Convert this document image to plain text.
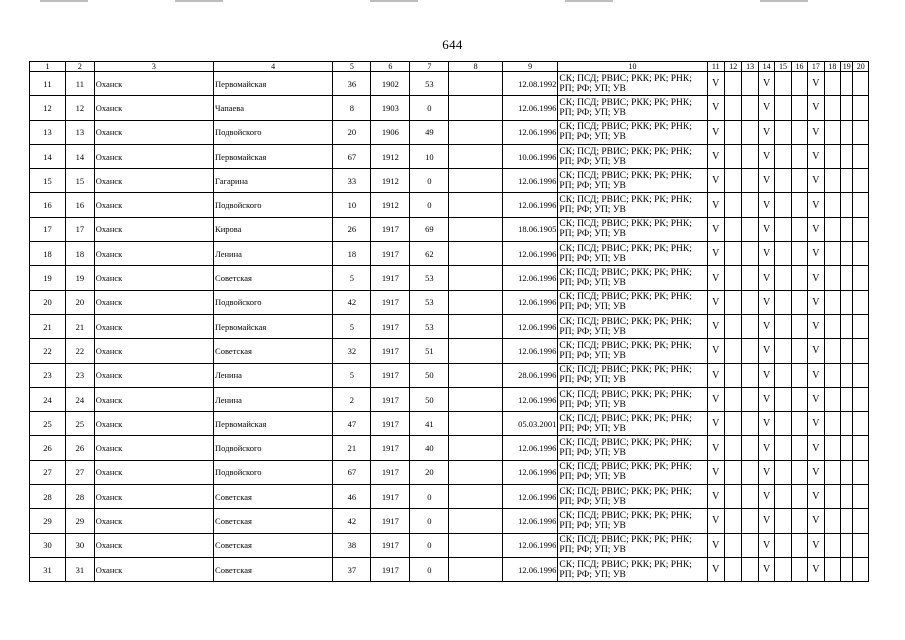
644
1	2	3	4	5	6	7	8	9	10	11	12	13	14	15	16	17	18	19	20
11	11	Оханск	Первомайская	36	1902	53		12.08.1992	СК; ПСД; РВИС; РКК; РК; РНК; РП; РФ; УП; УВ	V			V			V			
12	12	Оханск	Чапаева	8	1903	0		12.06.1996	СК; ПСД; РВИС; РКК; РК; РНК; РП; РФ; УП; УВ	V			V			V			
13	13	Оханск	Подвойского	20	1906	49		12.06.1996	СК; ПСД; РВИС; РКК; РК; РНК; РП; РФ; УП; УВ	V			V			V			
14	14	Оханск	Первомайская	67	1912	10		10.06.1996	СК; ПСД; РВИС; РКК; РК; РНК; РП; РФ; УП; УВ	V			V			V			
15	15	Оханск	Гагарина	33	1912	0		12.06.1996	СК; ПСД; РВИС; РКК; РК; РНК; РП; РФ; УП; УВ	V			V			V			
16	16	Оханск	Подвойского	10	1912	0		12.06.1996	СК; ПСД; РВИС; РКК; РК; РНК; РП; РФ; УП; УВ	V			V			V			
17	17	Оханск	Кирова	26	1917	69		18.06.1905	СК; ПСД; РВИС; РКК; РК; РНК; РП; РФ; УП; УВ	V			V			V			
18	18	Оханск	Ленина	18	1917	62		12.06.1996	СК; ПСД; РВИС; РКК; РК; РНК; РП; РФ; УП; УВ	V			V			V			
19	19	Оханск	Советская	5	1917	53		12.06.1996	СК; ПСД; РВИС; РКК; РК; РНК; РП; РФ; УП; УВ	V			V			V			
20	20	Оханск	Подвойского	42	1917	53		12.06.1996	СК; ПСД; РВИС; РКК; РК; РНК; РП; РФ; УП; УВ	V			V			V			
21	21	Оханск	Первомайская	5	1917	53		12.06.1996	СК; ПСД; РВИС; РКК; РК; РНК; РП; РФ; УП; УВ	V			V			V			
22	22	Оханск	Советская	32	1917	51		12.06.1996	СК; ПСД; РВИС; РКК; РК; РНК; РП; РФ; УП; УВ	V			V			V			
23	23	Оханск	Ленина	5	1917	50		28.06.1996	СК; ПСД; РВИС; РКК; РК; РНК; РП; РФ; УП; УВ	V			V			V			
24	24	Оханск	Ленина	2	1917	50		12.06.1996	СК; ПСД; РВИС; РКК; РК; РНК; РП; РФ; УП; УВ	V			V			V			
25	25	Оханск	Первомайская	47	1917	41		05.03.2001	СК; ПСД; РВИС; РКК; РК; РНК; РП; РФ; УП; УВ	V			V			V			
26	26	Оханск	Подвойского	21	1917	40		12.06.1996	СК; ПСД; РВИС; РКК; РК; РНК; РП; РФ; УП; УВ	V			V			V			
27	27	Оханск	Подвойского	67	1917	20		12.06.1996	СК; ПСД; РВИС; РКК; РК; РНК; РП; РФ; УП; УВ	V			V			V			
28	28	Оханск	Советская	46	1917	0		12.06.1996	СК; ПСД; РВИС; РКК; РК; РНК; РП; РФ; УП; УВ	V			V			V			
29	29	Оханск	Советская	42	1917	0		12.06.1996	СК; ПСД; РВИС; РКК; РК; РНК; РП; РФ; УП; УВ	V			V			V			
30	30	Оханск	Советская	38	1917	0		12.06.1996	СК; ПСД; РВИС; РКК; РК; РНК; РП; РФ; УП; УВ	V			V			V			
31	31	Оханск	Советская	37	1917	0		12.06.1996	СК; ПСД; РВИС; РКК; РК; РНК; РП; РФ; УП; УВ	V			V			V			
